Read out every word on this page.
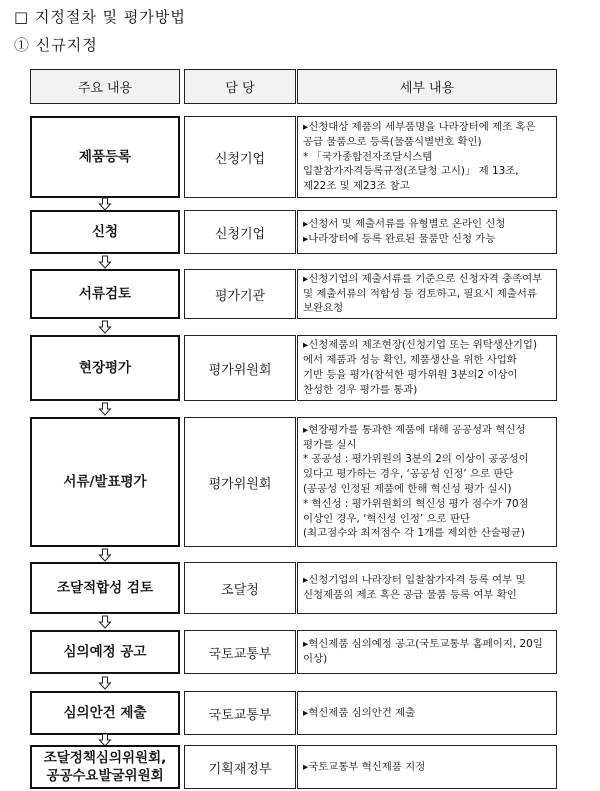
□ 지정절차 및 평가방법
① 신규지정
주요 내용	담 당	세부 내용
제품등록	신청기업
▸신청대상 제품의 세부품명을 나라장터에 제조 혹은
공급 물품으로 등록(물품식별번호 확인)
* 「국가종합전자조달시스템
입찰참가자격등록규정(조달청 고시)」 제 13조,
제22조 및 제23조 참고
신청	신청기업
▸신청서 및 제출서류를 유형별로 온라인 신청
▸나라장터에 등록 완료된 물품만 신청 가능
서류검토	평가기관
▸신청기업의 제출서류를 기준으로 신청자격 충족여부
및 제출서류의 적합성 등 검토하고, 필요시 제출서류
보완요청
현장평가	평가위원회
▸신청제품의 제조현장(신청기업 또는 위탁생산기업)
에서 제품과 성능 확인, 제품생산을 위한 사업화
기반 등을 평가(참석한 평가위원 3분의2 이상이
찬성한 경우 평가를 통과)
서류/발표평가	평가위원회
▸현장평가를 통과한 제품에 대해 공공성과 혁신성
평가를 실시
* 공공성 : 평가위원의 3분의 2의 이상이 공공성이
있다고 평가하는 경우, ‘공공성 인정’ 으로 판단
(공공성 인정된 제품에 한해 혁신성 평가 실시)
* 혁신성 : 평가위원회의 혁신성 평가 점수가 70점
이상인 경우, ‘혁신성 인정’ 으로 판단
(최고점수와 최저점수 각 1개를 제외한 산술평균)
조달적합성 검토	조달청
▸신청기업의 나라장터 입찰참가자격 등록 여부 및
신청제품의 제조 혹은 공급 물품 등록 여부 확인
심의예정 공고	국토교통부
▸혁신제품 심의예정 공고(국토교통부 홈페이지, 20일
이상)
심의안건 제출	국토교통부	▸혁신제품 심의안건 제출
조달정책심의위원회,
공공수요발굴위원회	기획재정부	▸국토교통부 혁신제품 지정
